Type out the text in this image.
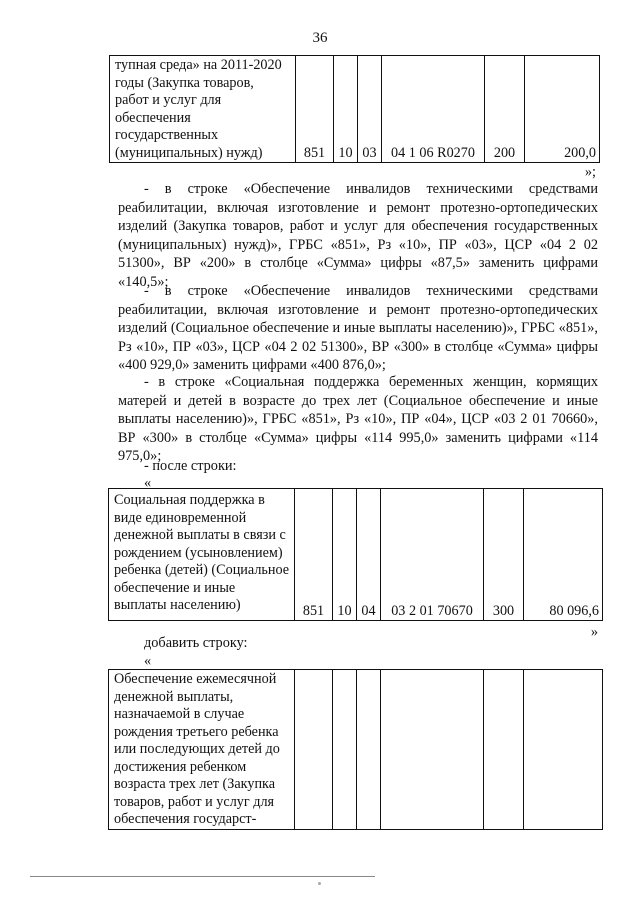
36
тупная среда» на 2011-2020 годы (Закупка товаров, работ и услуг для обеспечения государственных (муниципальных) нужд)	851	10	03	04 1 06 R0270	200	200,0
»;
- в строке «Обеспечение инвалидов техническими средствами реабилитации, включая изготовление и ремонт протезно-ортопедических изделий (Закупка товаров, работ и услуг для обеспечения государственных (муниципальных) нужд)», ГРБС «851», Рз «10», ПР «03», ЦСР «04 2 02 51300», ВР «200» в столбце «Сумма» цифры «87,5» заменить цифрами «140,5»;
- в строке «Обеспечение инвалидов техническими средствами реабилитации, включая изготовление и ремонт протезно-ортопедических изделий (Социальное обеспечение и иные выплаты населению)», ГРБС «851», Рз «10», ПР «03», ЦСР «04 2 02 51300», ВР «300» в столбце «Сумма» цифры «400 929,0» заменить цифрами «400 876,0»;
- в строке «Социальная поддержка беременных женщин, кормящих матерей и детей в возрасте до трех лет (Социальное обеспечение и иные выплаты населению)», ГРБС «851», Рз «10», ПР «04», ЦСР «03 2 01 70660», ВР «300» в столбце «Сумма» цифры «114 995,0» заменить цифрами «114 975,0»;
- после строки:
«
Социальная поддержка в виде единовременной денежной выплаты в связи с рождением (усыновлением) ребенка (детей) (Социальное обеспечение и иные выплаты населению)	851	10	04	03 2 01 70670	300	80 096,6
»
добавить строку:
«
Обеспечение ежемесячной денежной выплаты, назначаемой в случае рождения третьего ребенка или последующих детей до достижения ребенком возраста трех лет (Закупка товаров, работ и услуг для обеспечения государст-						
